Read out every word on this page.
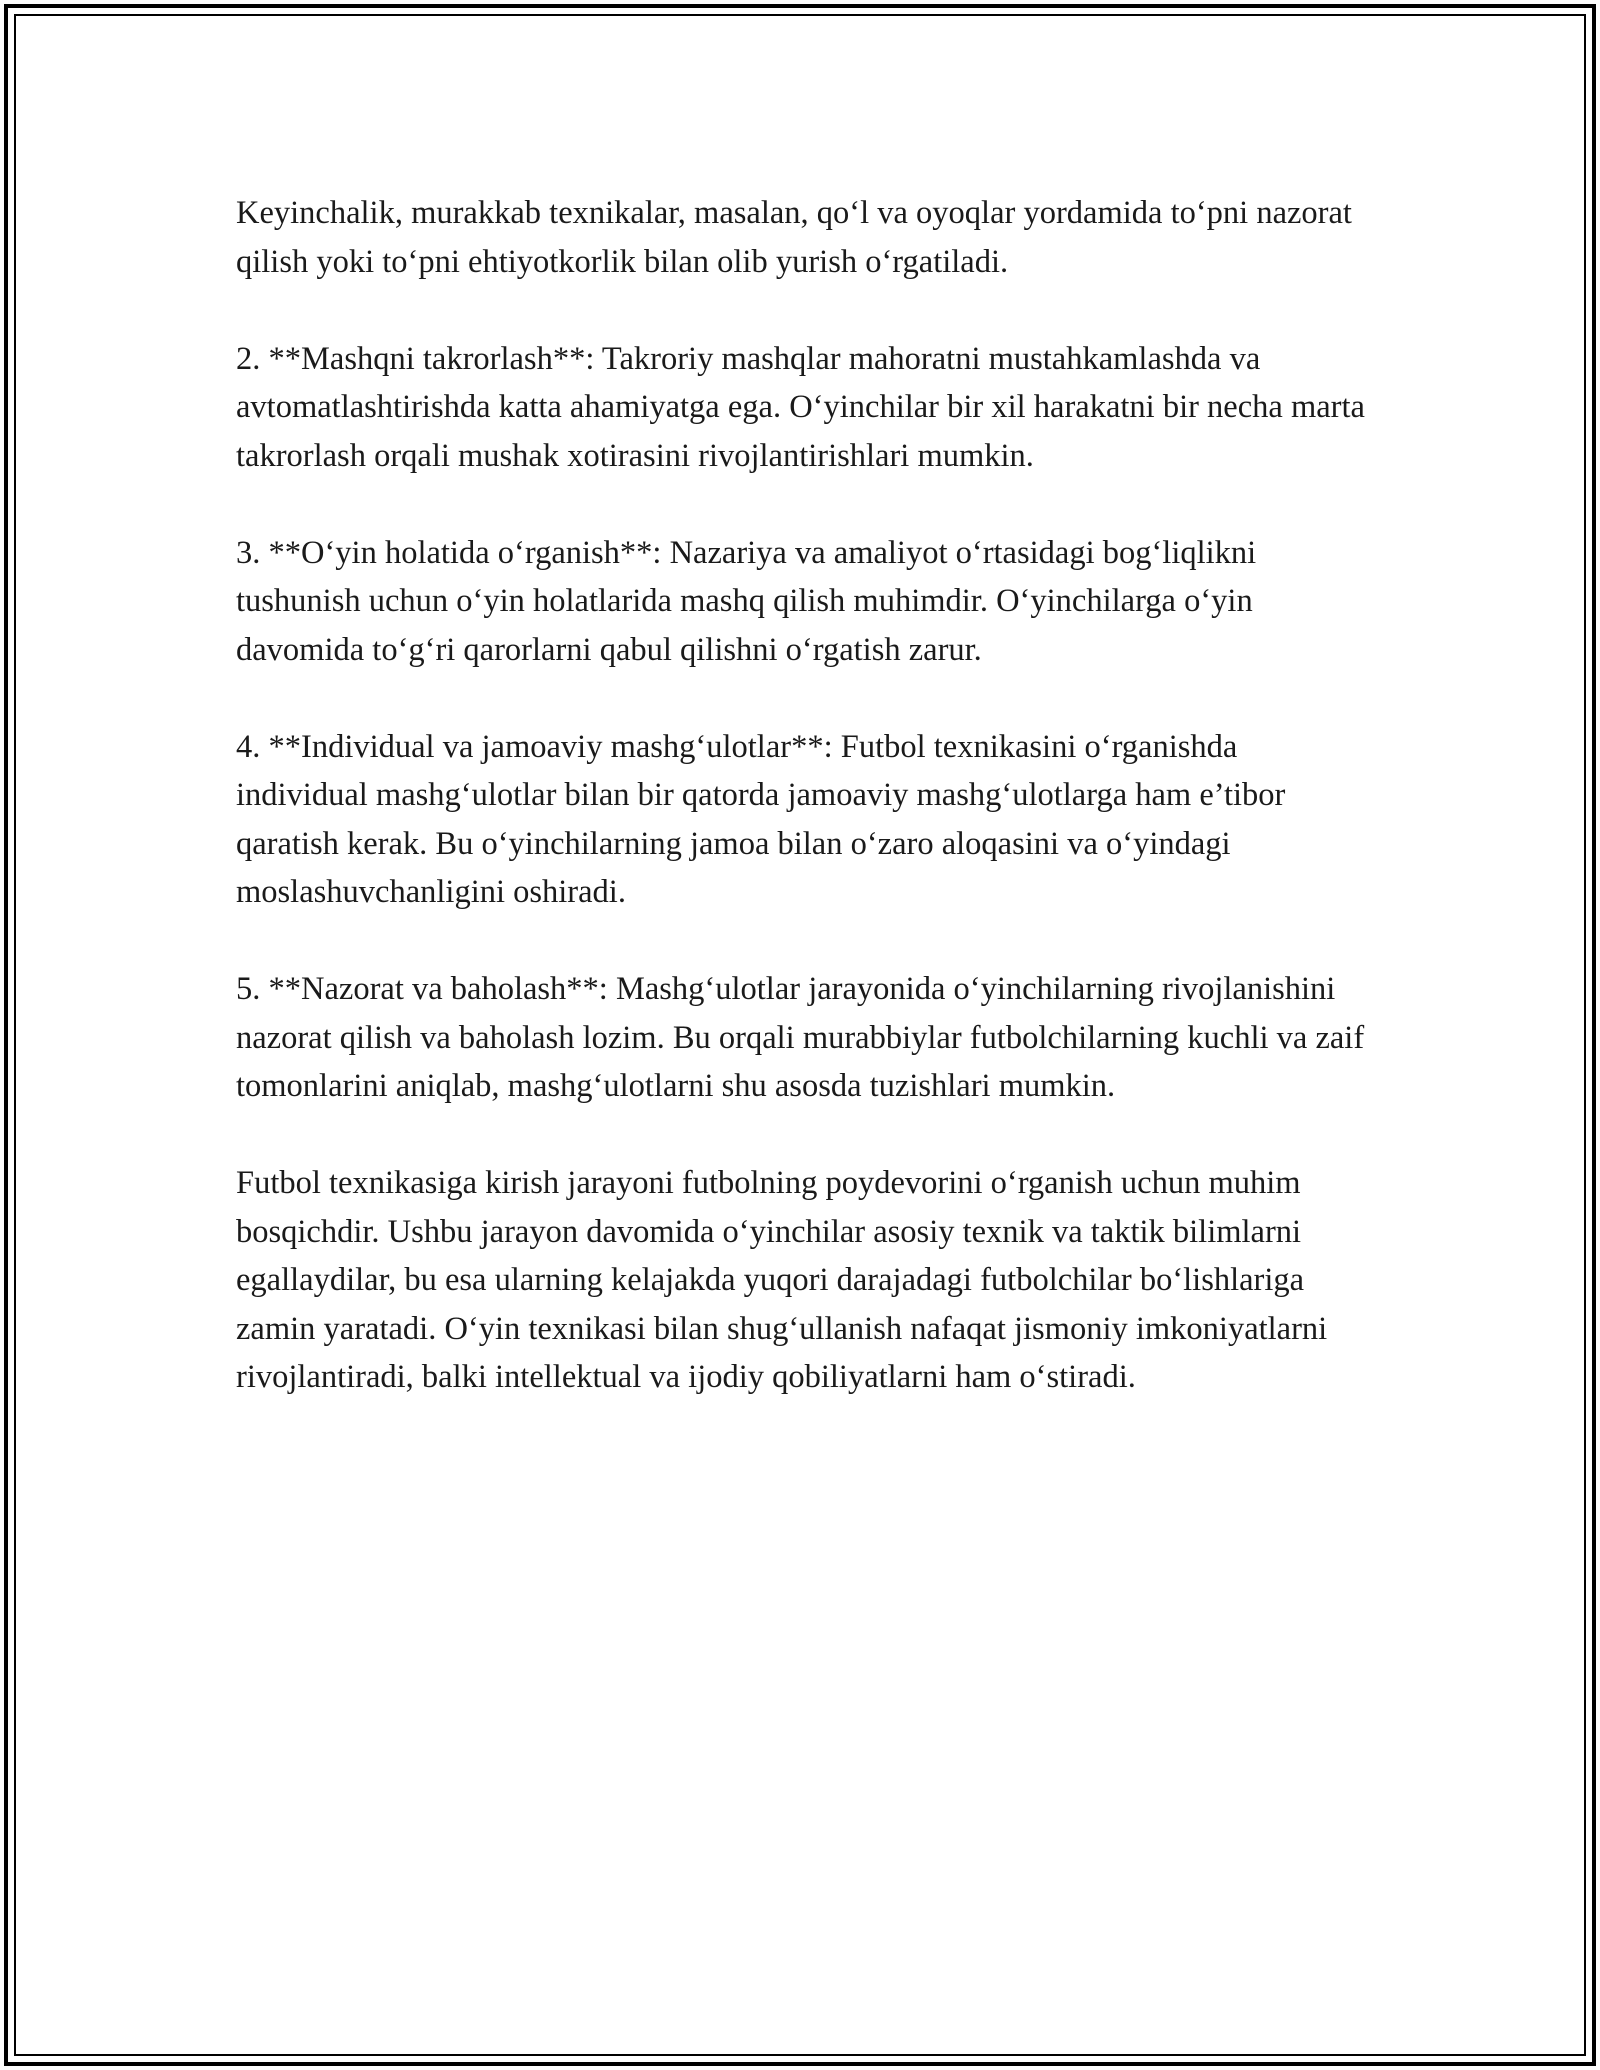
Keyinchalik, murakkab texnikalar, masalan, qo‘l va oyoqlar yordamida to‘pni nazorat qilish yoki to‘pni ehtiyotkorlik bilan olib yurish o‘rgatiladi.

2. **Mashqni takrorlash**: Takroriy mashqlar mahoratni mustahkamlashda va avtomatlashtirishda katta ahamiyatga ega. O‘yinchilar bir xil harakatni bir necha marta takrorlash orqali mushak xotirasini rivojlantirishlari mumkin.

3. **O‘yin holatida o‘rganish**: Nazariya va amaliyot o‘rtasidagi bog‘liqlikni tushunish uchun o‘yin holatlarida mashq qilish muhimdir. O‘yinchilarga o‘yin davomida to‘g‘ri qarorlarni qabul qilishni o‘rgatish zarur.

4. **Individual va jamoaviy mashg‘ulotlar**: Futbol texnikasini o‘rganishda individual mashg‘ulotlar bilan bir qatorda jamoaviy mashg‘ulotlarga ham e’tibor qaratish kerak. Bu o‘yinchilarning jamoa bilan o‘zaro aloqasini va o‘yindagi moslashuvchanligini oshiradi.

5. **Nazorat va baholash**: Mashg‘ulotlar jarayonida o‘yinchilarning rivojlanishini nazorat qilish va baholash lozim. Bu orqali murabbiylar futbolchilarning kuchli va zaif tomonlarini aniqlab, mashg‘ulotlarni shu asosda tuzishlari mumkin.

Futbol texnikasiga kirish jarayoni futbolning poydevorini o‘rganish uchun muhim bosqichdir. Ushbu jarayon davomida o‘yinchilar asosiy texnik va taktik bilimlarni egallaydilar, bu esa ularning kelajakda yuqori darajadagi futbolchilar bo‘lishlariga zamin yaratadi. O‘yin texnikasi bilan shug‘ullanish nafaqat jismoniy imkoniyatlarni rivojlantiradi, balki intellektual va ijodiy qobiliyatlarni ham o‘stiradi.
